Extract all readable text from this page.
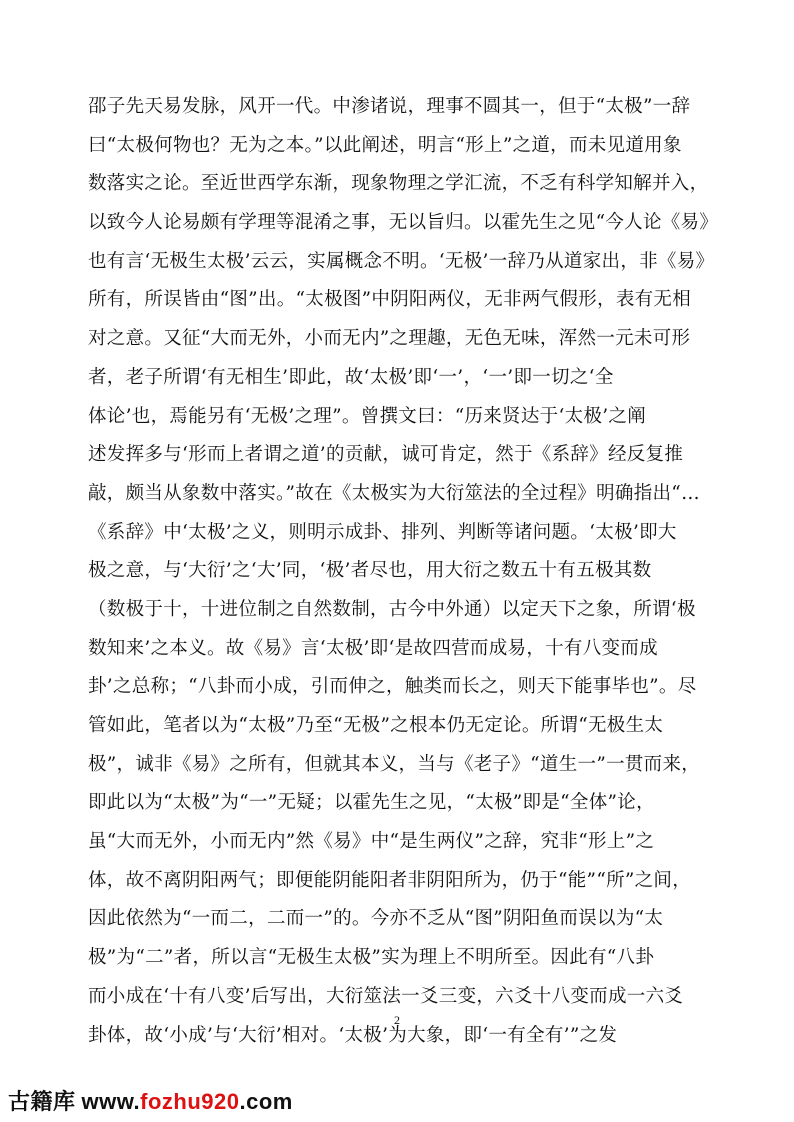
邵子先天易发脉，风开一代。中渗诸说，理事不圆其一，但于“太极”一辞
曰“太极何物也？无为之本。”以此阐述，明言“形上”之道，而未见道用象
数落实之论。至近世西学东渐，现象物理之学汇流，不乏有科学知解并入，
以致今人论易颇有学理等混淆之事，无以旨归。以霍先生之见“今人论《易》
也有言‘无极生太极’云云，实属概念不明。‘无极’一辞乃从道家出，非《易》
所有，所误皆由“图”出。“太极图”中阴阳两仪，无非两气假形，表有无相
对之意。又征“大而无外，小而无内”之理趣，无色无味，浑然一元未可形
者，老子所谓‘有无相生’即此，故‘太极’即‘一’，‘一’即一切之‘全
体论’也，焉能另有‘无极’之理”。曾撰文曰：“历来贤达于‘太极’之阐
述发挥多与‘形而上者谓之道’的贡献，诚可肯定，然于《系辞》经反复推
敲，颇当从象数中落实。”故在《太极实为大衍筮法的全过程》明确指出“…
《系辞》中‘太极’之义，则明示成卦、排列、判断等诸问题。‘太极’即大
极之意，与‘大衍’之‘大’同，‘极’者尽也，用大衍之数五十有五极其数
（数极于十，十进位制之自然数制，古今中外通）以定天下之象，所谓‘极
数知来’之本义。故《易》言‘太极’即‘是故四营而成易，十有八变而成
卦’之总称；“八卦而小成，引而伸之，触类而长之，则天下能事毕也”。尽
管如此，笔者以为“太极”乃至“无极”之根本仍无定论。所谓“无极生太
极”，诚非《易》之所有，但就其本义，当与《老子》“道生一”一贯而来，
即此以为“太极”为“一”无疑；以霍先生之见，“太极”即是“全体”论，
虽“大而无外，小而无内”然《易》中“是生两仪”之辞，究非“形上”之
体，故不离阴阳两气；即便能阴能阳者非阴阳所为，仍于“能”“所”之间，
因此依然为“一而二，二而一”的。今亦不乏从“图”阴阳鱼而误以为“太
极”为“二”者，所以言“无极生太极”实为理上不明所至。因此有“八卦
而小成在‘十有八变’后写出，大衍筮法一爻三变，六爻十八变而成一六爻
卦体，故‘小成’与‘大衍’相对。‘太极’为大象，即‘一有全有’”之发
2
古籍库 www.fozhu920.com
